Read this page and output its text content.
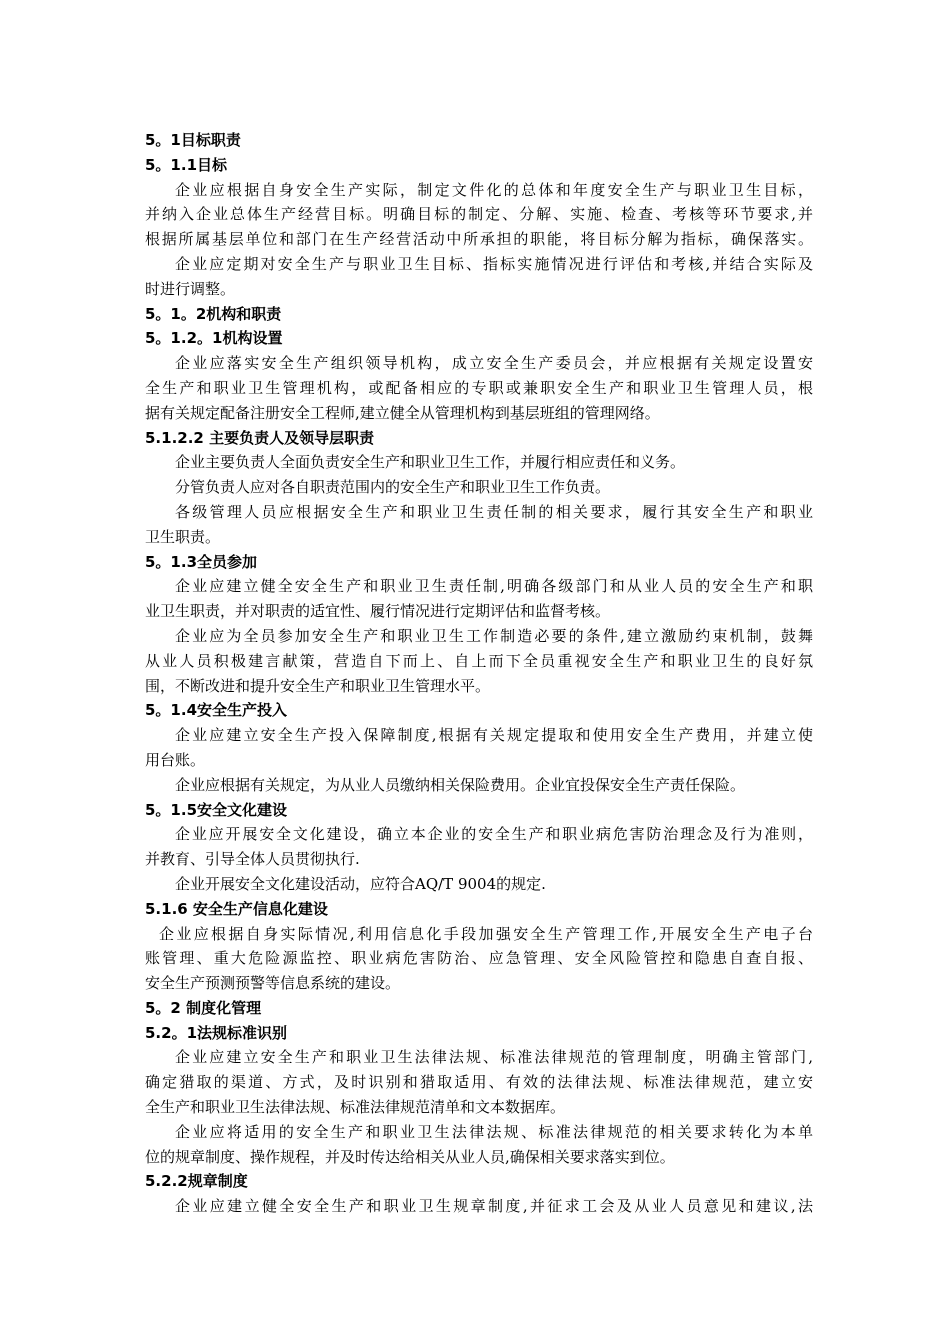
5。1目标职责
5。1.1目标
企业应根据自身安全生产实际，制定文件化的总体和年度安全生产与职业卫生目标，
并纳入企业总体生产经营目标。明确目标的制定、分解、实施、检查、考核等环节要求,并
根据所属基层单位和部门在生产经营活动中所承担的职能，将目标分解为指标，确保落实。
企业应定期对安全生产与职业卫生目标、指标实施情况进行评估和考核,并结合实际及
时进行调整。
5。1。2机构和职责
5。1.2。1机构设置
企业应落实安全生产组织领导机构，成立安全生产委员会，并应根据有关规定设置安
全生产和职业卫生管理机构，或配备相应的专职或兼职安全生产和职业卫生管理人员，根
据有关规定配备注册安全工程师,建立健全从管理机构到基层班组的管理网络。
5.1.2.2 主要负责人及领导层职责
企业主要负责人全面负责安全生产和职业卫生工作，并履行相应责任和义务。
分管负责人应对各自职责范围内的安全生产和职业卫生工作负责。
各级管理人员应根据安全生产和职业卫生责任制的相关要求，履行其安全生产和职业
卫生职责。
5。1.3全员参加
企业应建立健全安全生产和职业卫生责任制,明确各级部门和从业人员的安全生产和职
业卫生职责，并对职责的适宜性、履行情况进行定期评估和监督考核。
企业应为全员参加安全生产和职业卫生工作制造必要的条件,建立激励约束机制，鼓舞
从业人员积极建言献策，营造自下而上、自上而下全员重视安全生产和职业卫生的良好氛
围，不断改进和提升安全生产和职业卫生管理水平。
5。1.4安全生产投入
企业应建立安全生产投入保障制度,根据有关规定提取和使用安全生产费用，并建立使
用台账。
企业应根据有关规定，为从业人员缴纳相关保险费用。企业宜投保安全生产责任保险。
5。1.5安全文化建设
企业应开展安全文化建设，确立本企业的安全生产和职业病危害防治理念及行为准则，
并教育、引导全体人员贯彻执行.
企业开展安全文化建设活动，应符合AQ/T 9004的规定.
5.1.6 安全生产信息化建设
企业应根据自身实际情况,利用信息化手段加强安全生产管理工作,开展安全生产电子台
账管理、重大危险源监控、职业病危害防治、应急管理、安全风险管控和隐患自查自报、
安全生产预测预警等信息系统的建设。
5。2 制度化管理
5.2。1法规标准识别
企业应建立安全生产和职业卫生法律法规、标准法律规范的管理制度，明确主管部门,
确定猎取的渠道、方式，及时识别和猎取适用、有效的法律法规、标准法律规范，建立安
全生产和职业卫生法律法规、标准法律规范清单和文本数据库。
企业应将适用的安全生产和职业卫生法律法规、标准法律规范的相关要求转化为本单
位的规章制度、操作规程，并及时传达给相关从业人员,确保相关要求落实到位。
5.2.2规章制度
企业应建立健全安全生产和职业卫生规章制度,并征求工会及从业人员意见和建议,法
